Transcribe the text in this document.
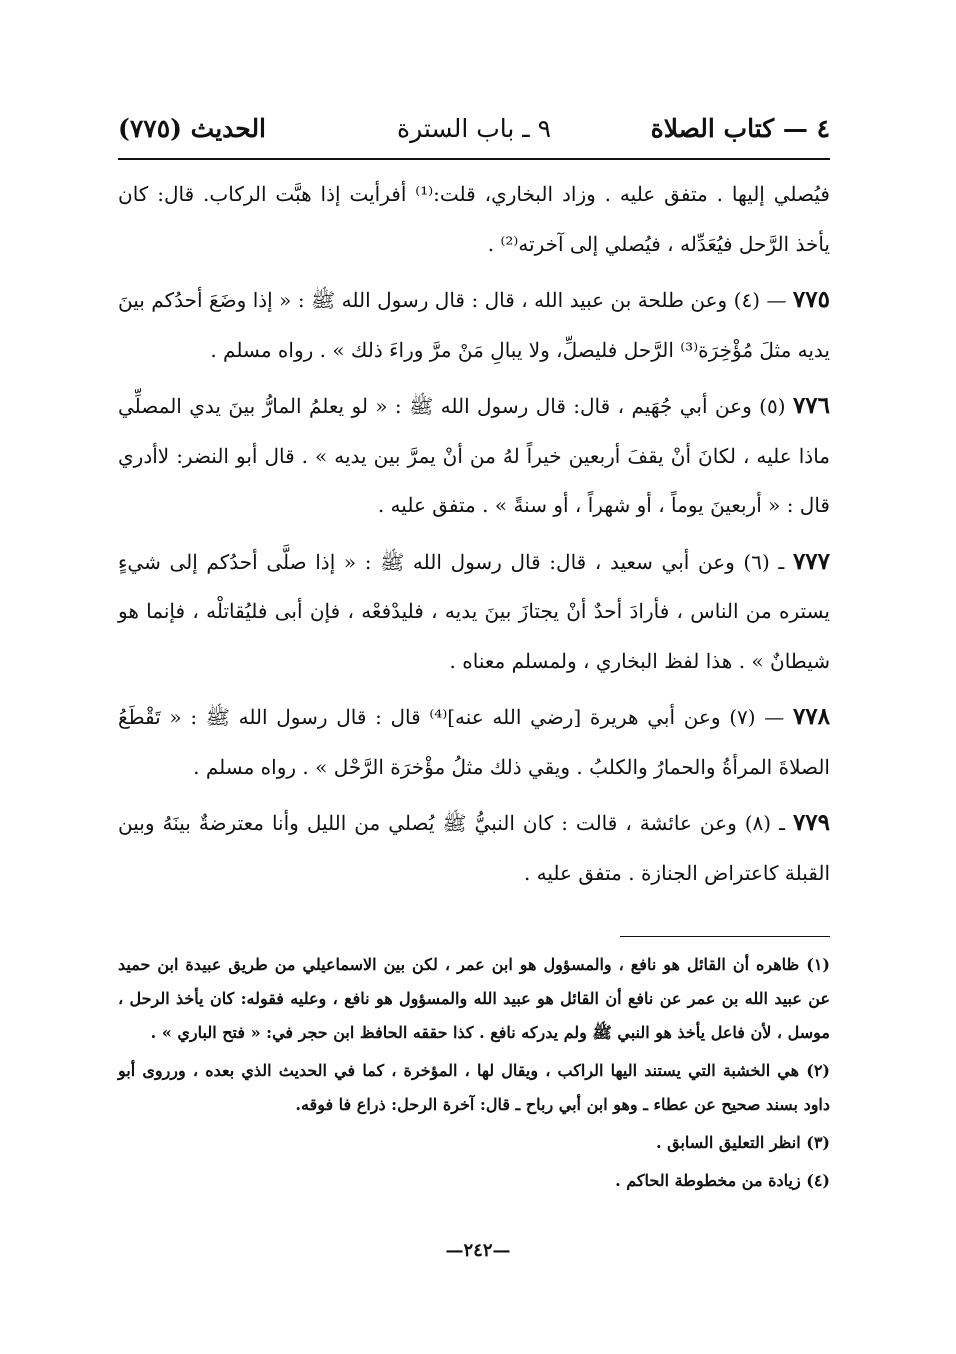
٤ — كتاب الصلاة
٩ ـ باب السترة
الحديث (٧٧٥)

فيُصلي إليها . متفق عليه . وزاد البخاري، قلت:⁽¹⁾ أفرأيت إذا هبَّت الركاب. قال: كان يأخذ الرَّحل فيُعَدِّله ، فيُصلي إلى آخرته⁽²⁾ .

٧٧٥ — (٤) وعن طلحة بن عبيد الله ، قال : قال رسول الله ﷺ : « إذا وضَعَ أحدُكم بينَ يديه مثلَ مُؤْخِرَة⁽³⁾ الرَّحل فليصلِّ، ولا يبالِ مَنْ مرَّ وراءَ ذلك » . رواه مسلم .

٧٧٦ (٥) وعن أبي جُهَيم ، قال: قال رسول الله ﷺ : « لو يعلمُ المارُّ بينَ يدي المصلِّي ماذا عليه ، لكانَ أنْ يقفَ أربعين خيراً لهُ من أنْ يمرَّ بين يديه » . قال أبو النضر: لاأدري قال : « أربعينَ يوماً ، أو شهراً ، أو سنةً » . متفق عليه .

٧٧٧ ـ (٦) وعن أبي سعيد ، قال: قال رسول الله ﷺ : « إذا صلَّى أحدُكم إلى شيءٍ يستره من الناس ، فأرادَ أحدٌ أنْ يجتازَ بينَ يديه ، فليدْفعْه ، فإن أبى فليُقاتلْه ، فإنما هو شيطانٌ » . هذا لفظ البخاري ، ولمسلم معناه .

٧٧٨ — (٧) وعن أبي هريرة [رضي الله عنه]⁽⁴⁾ قال : قال رسول الله ﷺ : « تَقْطَعُ الصلاةَ المرأةُ والحمارُ والكلبُ . ويقي ذلك مثلُ مؤْخرَة الرَّحْل » . رواه مسلم .

٧٧٩ ـ (٨) وعن عائشة ، قالت : كان النبيُّ ﷺ يُصلي من الليل وأنا معترضةٌ بينَهُ وبين القبلة كاعتراض الجنازة . متفق عليه .

(١) ظاهره أن القائل هو نافع ، والمسؤول هو ابن عمر ، لكن بين الاسماعيلي من طريق عبيدة ابن حميد عن عبيد الله بن عمر عن نافع أن القائل هو عبيد الله والمسؤول هو نافع ، وعليه فقوله: كان يأخذ الرحل ، موسل ، لأن فاعل يأخذ هو النبي ﷺ ولم يدركه نافع . كذا حققه الحافظ ابن حجر في: « فتح الباري » .

(٢) هي الخشبة التي يستند اليها الراكب ، ويقال لها ، المؤخرة ، كما في الحديث الذي بعده ، ورروى أبو داود بسند صحيح عن عطاء ـ وهو ابن أبي رباح ـ قال: آخرة الرحل: ذراع فا فوقه.

(٣) انظر التعليق السابق .

(٤) زيادة من مخطوطة الحاكم .

—٢٤٢—
